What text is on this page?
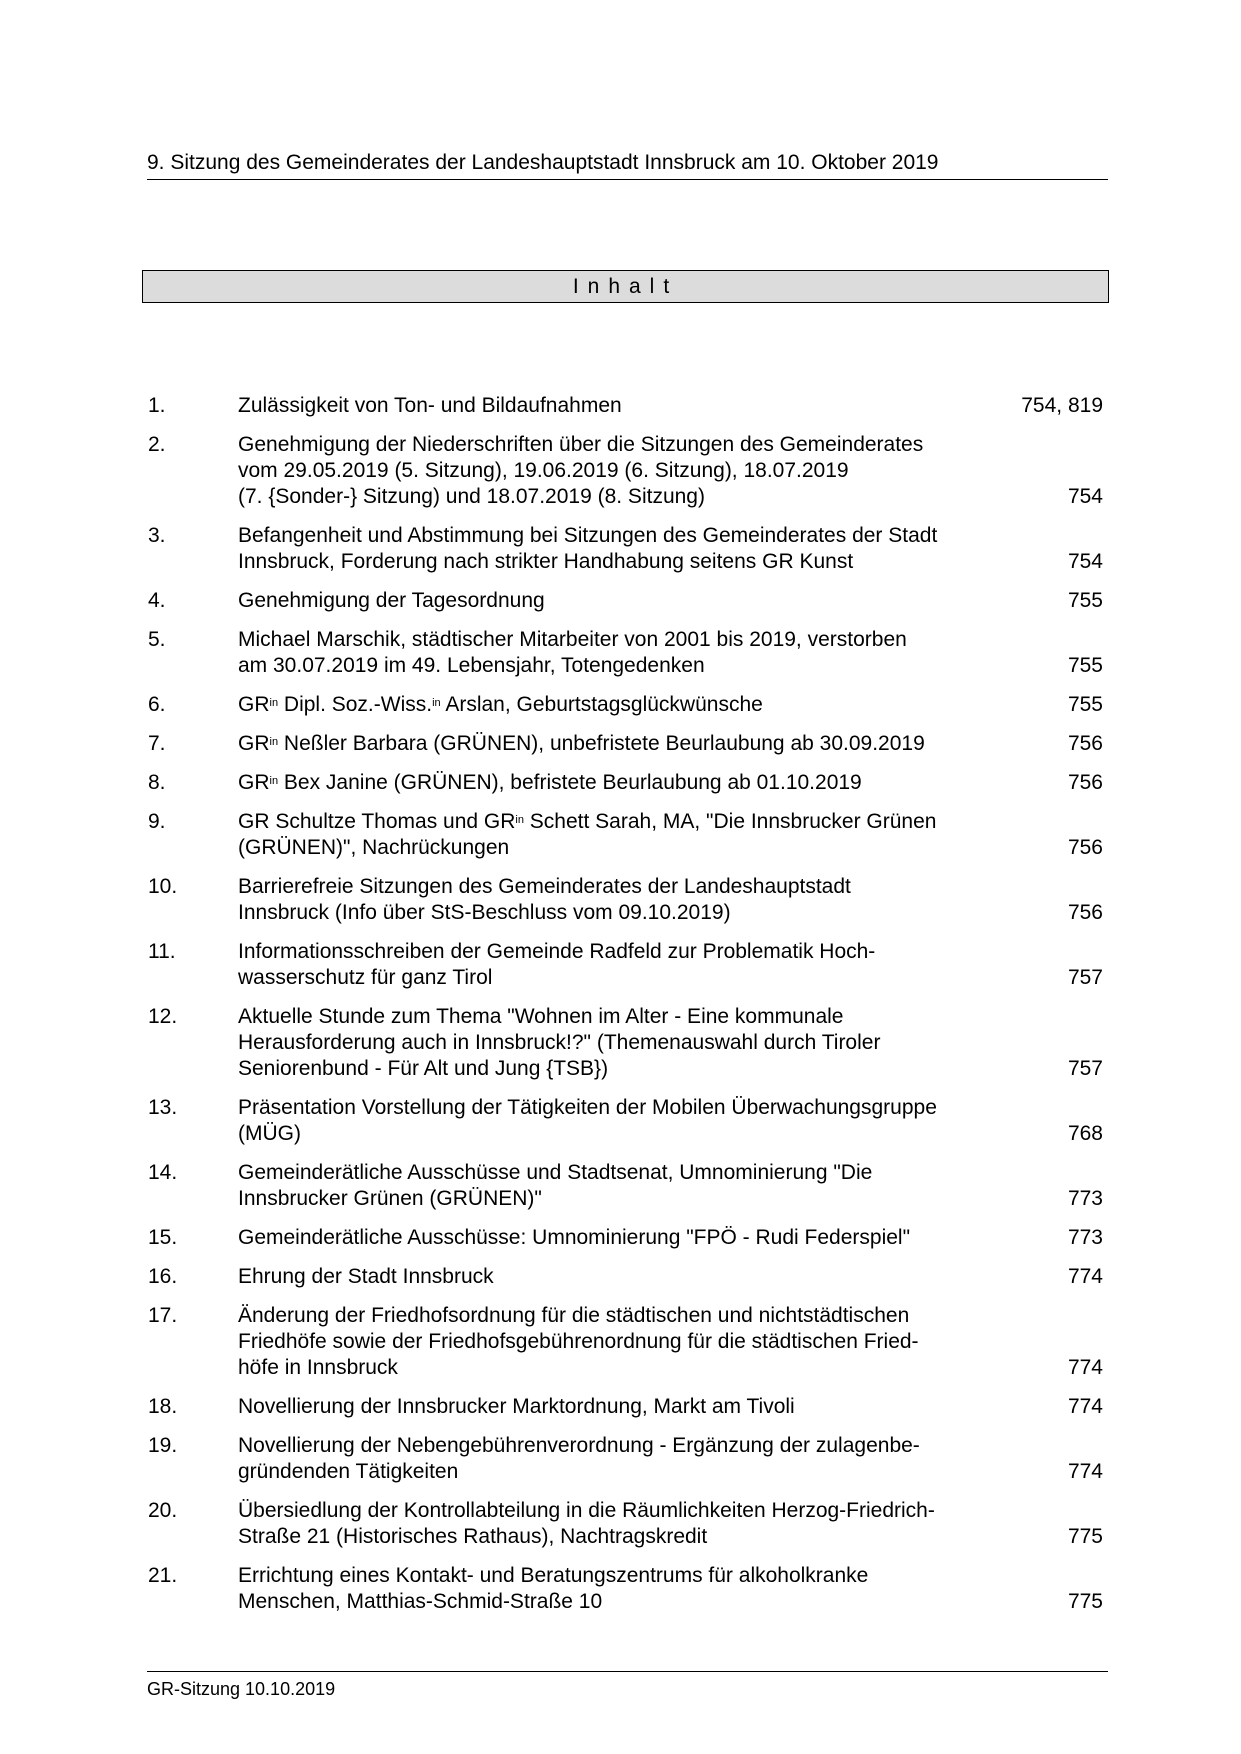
9. Sitzung des Gemeinderates der Landeshauptstadt Innsbruck am 10. Oktober 2019
Inhalt
1.	Zulässigkeit von Ton- und Bildaufnahmen	754, 819
2.	Genehmigung der Niederschriften über die Sitzungen des Gemeinderates
vom 29.05.2019 (5. Sitzung), 19.06.2019 (6. Sitzung), 18.07.2019
(7. {Sonder-} Sitzung) und 18.07.2019 (8. Sitzung)	754
3.	Befangenheit und Abstimmung bei Sitzungen des Gemeinderates der Stadt
Innsbruck, Forderung nach strikter Handhabung seitens GR Kunst	754
4.	Genehmigung der Tagesordnung	755
5.	Michael Marschik, städtischer Mitarbeiter von 2001 bis 2019, verstorben
am 30.07.2019 im 49. Lebensjahr, Totengedenken	755
6.	$GR^{in}$ Dipl. Soz.-Wiss.$^{in}$ Arslan, Geburtstagsglückwünsche	755
7.	$GR^{in}$ Neßler Barbara (GRÜNEN), unbefristete Beurlaubung ab 30.09.2019	756
8.	$GR^{in}$ Bex Janine (GRÜNEN), befristete Beurlaubung ab 01.10.2019	756
9.	GR Schultze Thomas und $GR^{in}$ Schett Sarah, MA, "Die Innsbrucker Grünen
(GRÜNEN)", Nachrückungen	756
10.	Barrierefreie Sitzungen des Gemeinderates der Landeshauptstadt
Innsbruck (Info über StS-Beschluss vom 09.10.2019)	756
11.	Informationsschreiben der Gemeinde Radfeld zur Problematik Hoch-
wasserschutz für ganz Tirol	757
12.	Aktuelle Stunde zum Thema "Wohnen im Alter - Eine kommunale
Herausforderung auch in Innsbruck!?" (Themenauswahl durch Tiroler
Seniorenbund - Für Alt und Jung {TSB})	757
13.	Präsentation Vorstellung der Tätigkeiten der Mobilen Überwachungsgruppe
(MÜG)	768
14.	Gemeinderätliche Ausschüsse und Stadtsenat, Umnominierung "Die
Innsbrucker Grünen (GRÜNEN)"	773
15.	Gemeinderätliche Ausschüsse: Umnominierung "FPÖ - Rudi Federspiel"	773
16.	Ehrung der Stadt Innsbruck	774
17.	Änderung der Friedhofsordnung für die städtischen und nichtstädtischen
Friedhöfe sowie der Friedhofsgebührenordnung für die städtischen Fried-
höfe in Innsbruck	774
18.	Novellierung der Innsbrucker Marktordnung, Markt am Tivoli	774
19.	Novellierung der Nebengebührenverordnung - Ergänzung der zulagenbe-
gründenden Tätigkeiten	774
20.	Übersiedlung der Kontrollabteilung in die Räumlichkeiten Herzog-Friedrich-
Straße 21 (Historisches Rathaus), Nachtragskredit	775
21.	Errichtung eines Kontakt- und Beratungszentrums für alkoholkranke
Menschen, Matthias-Schmid-Straße 10	775
GR-Sitzung 10.10.2019
